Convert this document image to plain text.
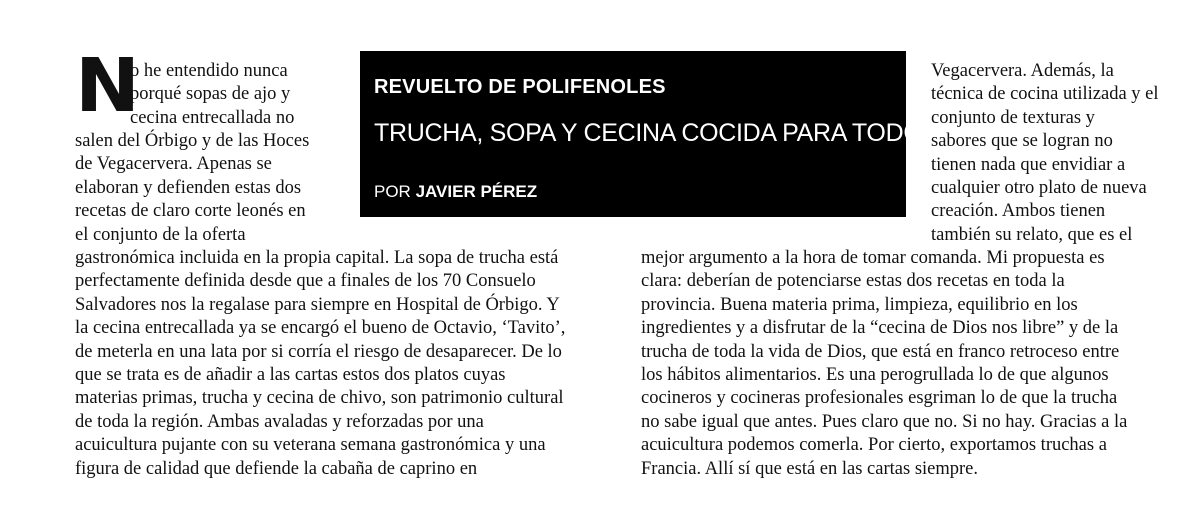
REVUELTO DE POLIFENOLES
TRUCHA, SOPA Y CECINA COCIDA PARA TODOS
POR JAVIER PÉREZ
N
o he entendido nunca
porqué sopas de ajo y
cecina entrecallada no
salen del Órbigo y de las Hoces
de Vegacervera. Apenas se
elaboran y defienden estas dos
recetas de claro corte leonés en
el conjunto de la oferta
gastronómica incluida en la propia capital. La sopa de trucha está
perfectamente definida desde que a finales de los 70 Consuelo
Salvadores nos la regalase para siempre en Hospital de Órbigo. Y
la cecina entrecallada ya se encargó el bueno de Octavio, ‘Tavito’,
de meterla en una lata por si corría el riesgo de desaparecer. De lo
que se trata es de añadir a las cartas estos dos platos cuyas
materias primas, trucha y cecina de chivo, son patrimonio cultural
de toda la región. Ambas avaladas y reforzadas por una
acuicultura pujante con su veterana semana gastronómica y una
figura de calidad que defiende la cabaña de caprino en
Vegacervera. Además, la
técnica de cocina utilizada y el
conjunto de texturas y
sabores que se logran no
tienen nada que envidiar a
cualquier otro plato de nueva
creación. Ambos tienen
también su relato, que es el
mejor argumento a la hora de tomar comanda. Mi propuesta es
clara: deberían de potenciarse estas dos recetas en toda la
provincia. Buena materia prima, limpieza, equilibrio en los
ingredientes y a disfrutar de la “cecina de Dios nos libre” y de la
trucha de toda la vida de Dios, que está en franco retroceso entre
los hábitos alimentarios. Es una perogrullada lo de que algunos
cocineros y cocineras profesionales esgriman lo de que la trucha
no sabe igual que antes. Pues claro que no. Si no hay. Gracias a la
acuicultura podemos comerla. Por cierto, exportamos truchas a
Francia. Allí sí que está en las cartas siempre.
